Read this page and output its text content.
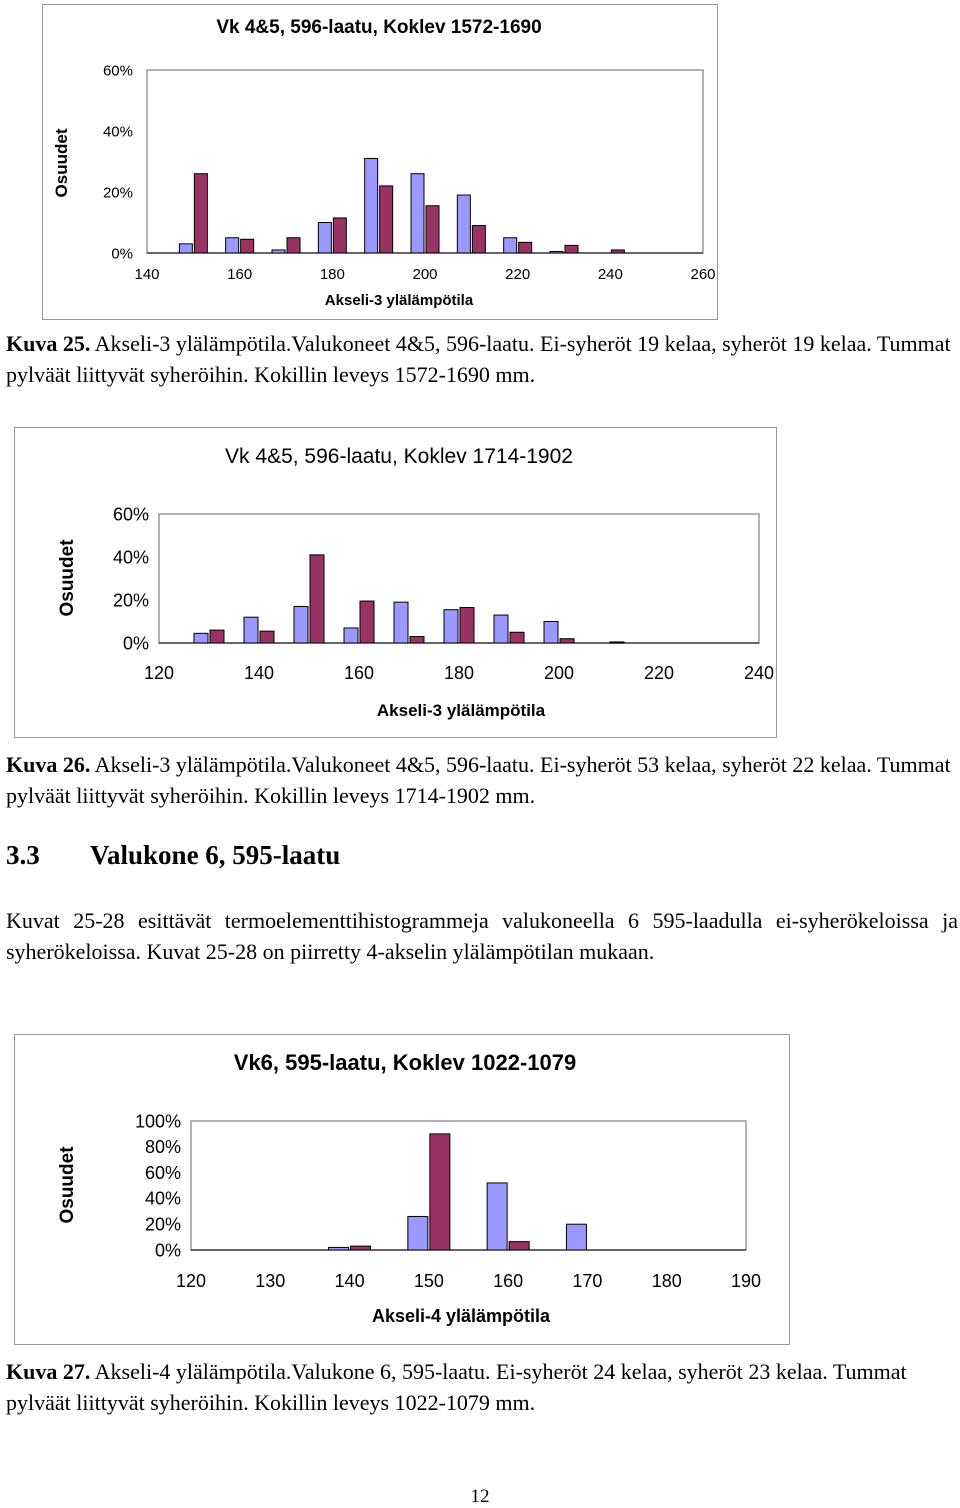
Vk 4&5, 596-laatu, Koklev 1572-1690
60%
40%
20%
0%
140	160	180	200	220	240	260
Akseli-3 ylälämpötila
Osuudet

Kuva 25. Akseli-3 ylälämpötila.Valukoneet 4&5, 596-laatu. Ei-syheröt 19 kelaa, syheröt 19 kelaa. Tummat pylväät liittyvät syheröihin. Kokillin leveys 1572-1690 mm.

Vk 4&5, 596-laatu, Koklev 1714-1902
60%
40%
20%
0%
120	140	160	180	200	220	240
Akseli-3 ylälämpötila
Osuudet

Kuva 26. Akseli-3 ylälämpötila.Valukoneet 4&5, 596-laatu. Ei-syheröt 53 kelaa, syheröt 22 kelaa. Tummat pylväät liittyvät syheröihin. Kokillin leveys 1714-1902 mm.

3.3 Valukone 6, 595-laatu

Kuvat 25-28 esittävät termoelementtihistogrammeja valukoneella 6 595-laadulla ei-syherökeloissa ja syherökeloissa. Kuvat 25-28 on piirretty 4-akselin ylälämpötilan mukaan.

Vk6, 595-laatu, Koklev 1022-1079
100%
80%
60%
40%
20%
0%
120	130	140	150	160	170	180	190
Akseli-4 ylälämpötila
Osuudet

Kuva 27. Akseli-4 ylälämpötila.Valukone 6, 595-laatu. Ei-syheröt 24 kelaa, syheröt 23 kelaa. Tummat pylväät liittyvät syheröihin. Kokillin leveys 1022-1079 mm.

12
